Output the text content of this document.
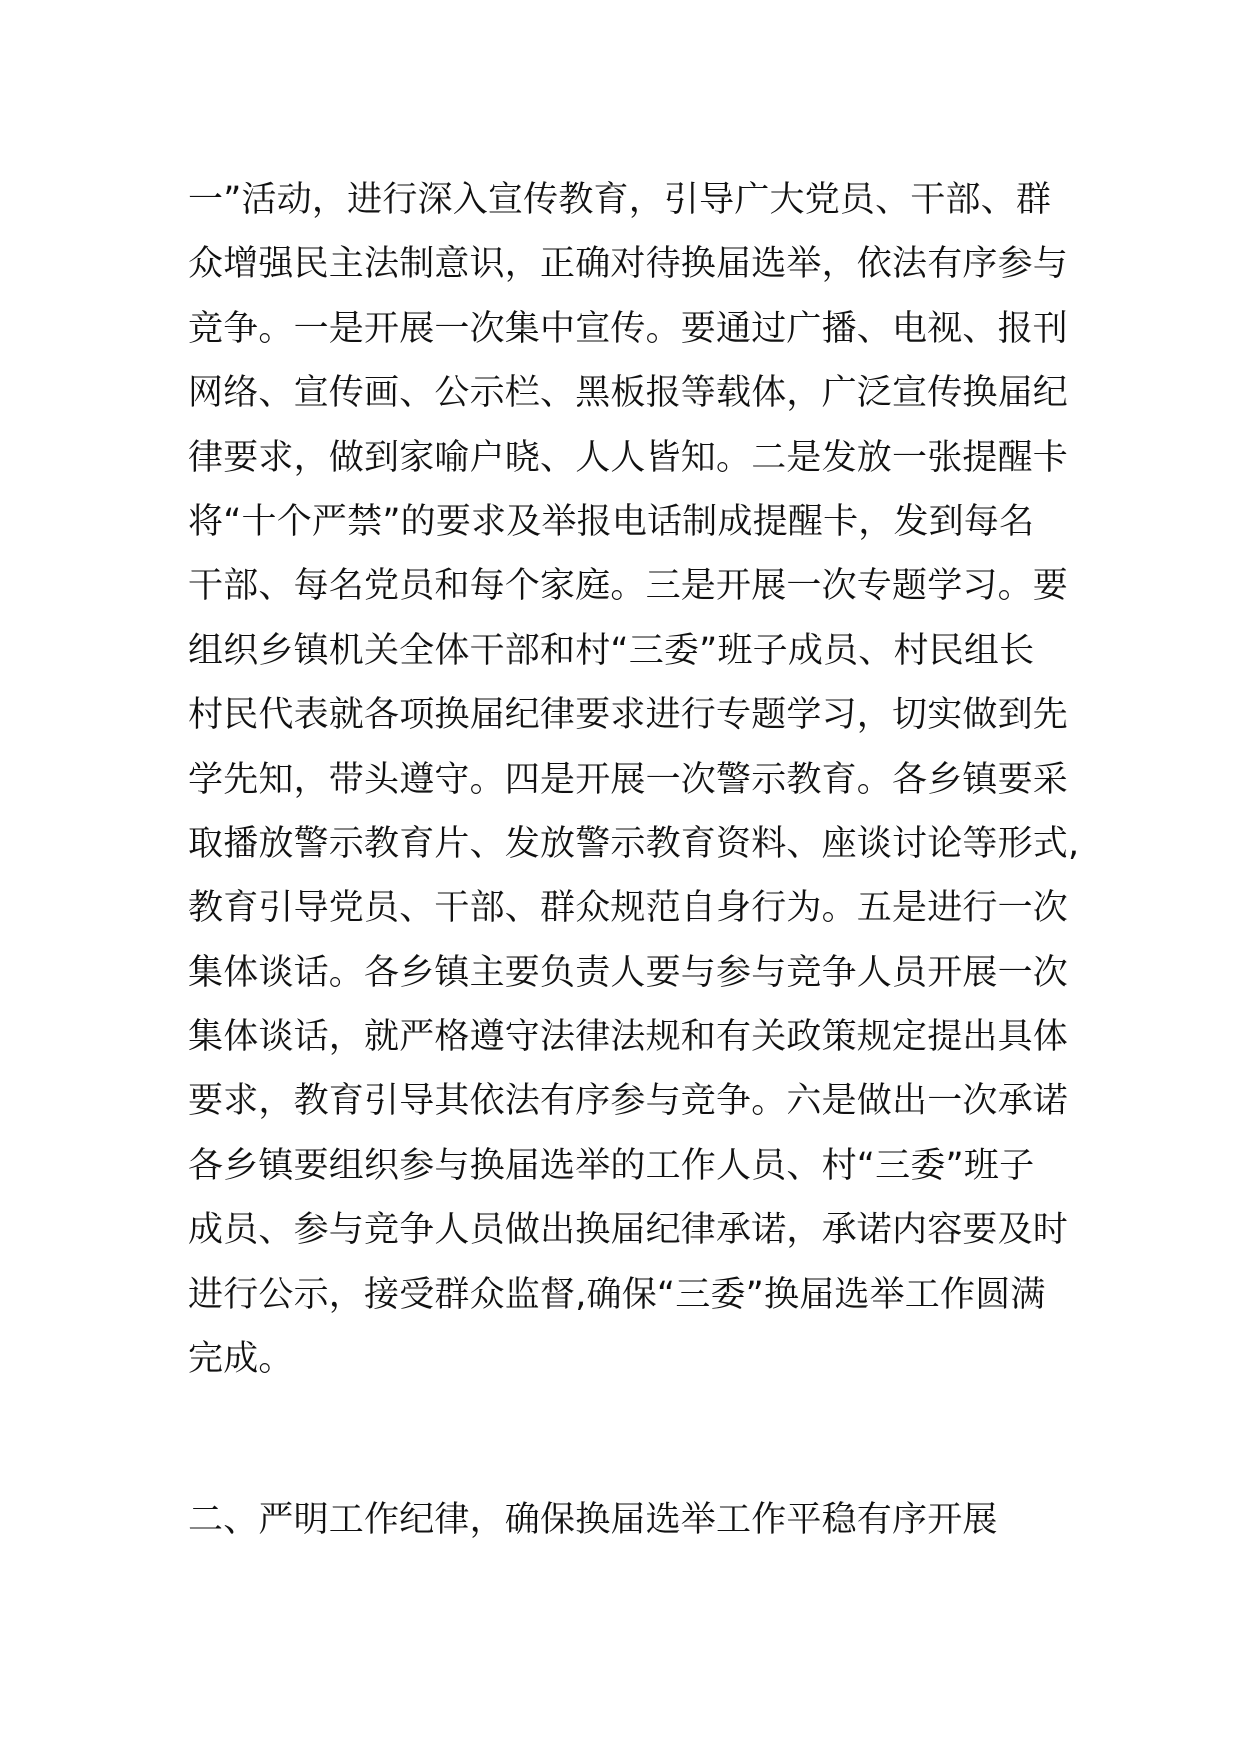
一”活动，进行深入宣传教育，引导广大党员、干部、群
众增强民主法制意识，正确对待换届选举，依法有序参与
竞争。一是开展一次集中宣传。要通过广播、电视、报刊
网络、宣传画、公示栏、黑板报等载体，广泛宣传换届纪
律要求，做到家喻户晓、人人皆知。二是发放一张提醒卡
将“十个严禁”的要求及举报电话制成提醒卡，发到每名
干部、每名党员和每个家庭。三是开展一次专题学习。要
组织乡镇机关全体干部和村“三委”班子成员、村民组长
村民代表就各项换届纪律要求进行专题学习，切实做到先
学先知，带头遵守。四是开展一次警示教育。各乡镇要采
取播放警示教育片、发放警示教育资料、座谈讨论等形式,
教育引导党员、干部、群众规范自身行为。五是进行一次
集体谈话。各乡镇主要负责人要与参与竞争人员开展一次
集体谈话，就严格遵守法律法规和有关政策规定提出具体
要求，教育引导其依法有序参与竞争。六是做出一次承诺
各乡镇要组织参与换届选举的工作人员、村“三委”班子
成员、参与竞争人员做出换届纪律承诺，承诺内容要及时
进行公示，接受群众监督,确保“三委”换届选举工作圆满
完成。
二、严明工作纪律，确保换届选举工作平稳有序开展
